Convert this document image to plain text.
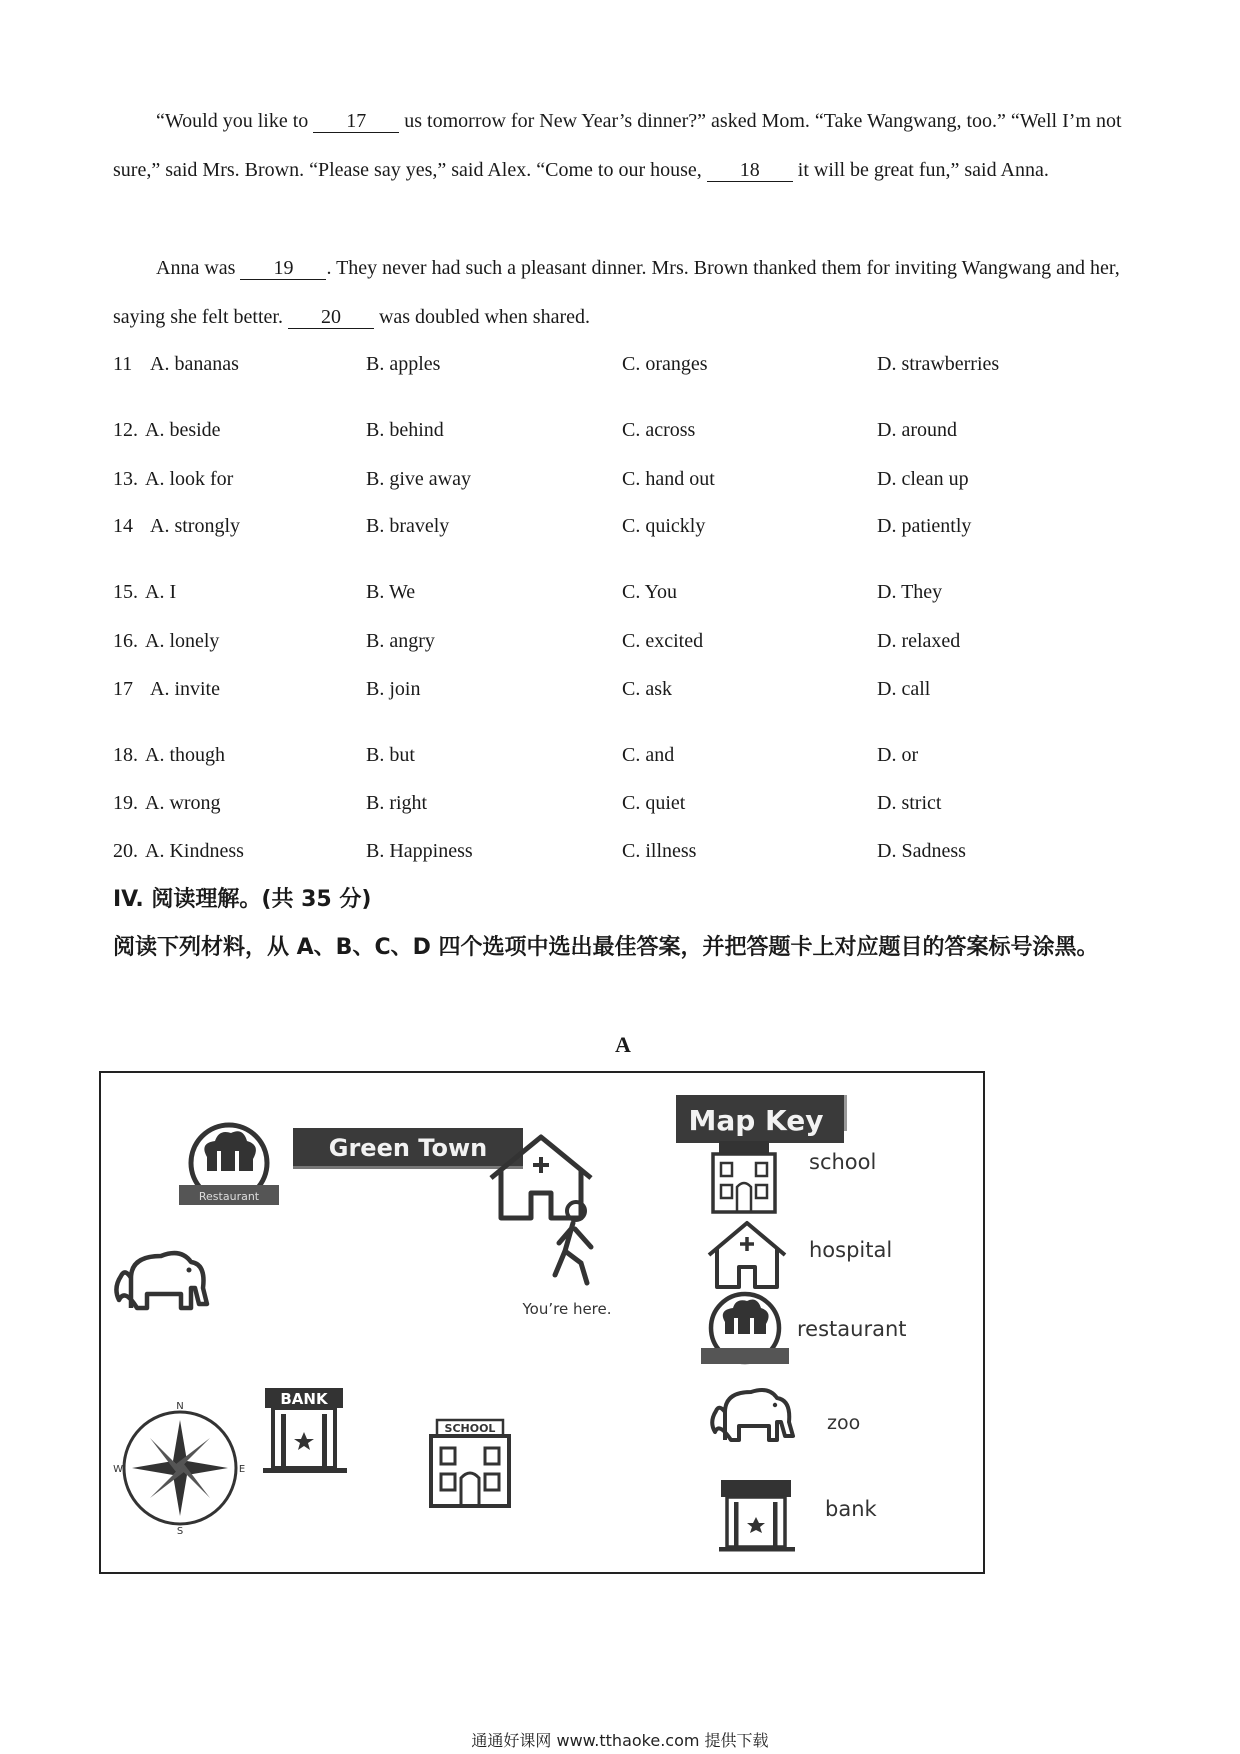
“Would you like to 17 us tomorrow for New Year’s dinner?” asked Mom. “Take Wangwang, too.” “Well I’m not sure,” said Mrs. Brown. “Please say yes,” said Alex. “Come to our house, 18 it will be great fun,” said Anna.

Anna was 19 . They never had such a pleasant dinner. Mrs. Brown thanked them for inviting Wangwang and her, saying she felt better. 20 was doubled when shared.

11 A. bananas	B. apples	C. oranges	D. strawberries
12. A. beside	B. behind	C. across	D. around
13. A. look for	B. give away	C. hand out	D. clean up
14 A. strongly	B. bravely	C. quickly	D. patiently
15. A. I	B. We	C. You	D. They
16. A. lonely	B. angry	C. excited	D. relaxed
17 A. invite	B. join	C. ask	D. call
18. A. though	B. but	C. and	D. or
19. A. wrong	B. right	C. quiet	D. strict
20. A. Kindness	B. Happiness	C. illness	D. Sadness

IV. 阅读理解。(共 35 分)

阅读下列材料，从 A、B、C、D 四个选项中选出最佳答案，并把答题卡上对应题目的答案标号涂黑。

A
Green Town
Map Key
Restaurant
You’re here.
N
S
E
W
BANK
SCHOOL
school
hospital
restaurant
zoo
bank
通通好课网 www.tthaoke.com 提供下载
